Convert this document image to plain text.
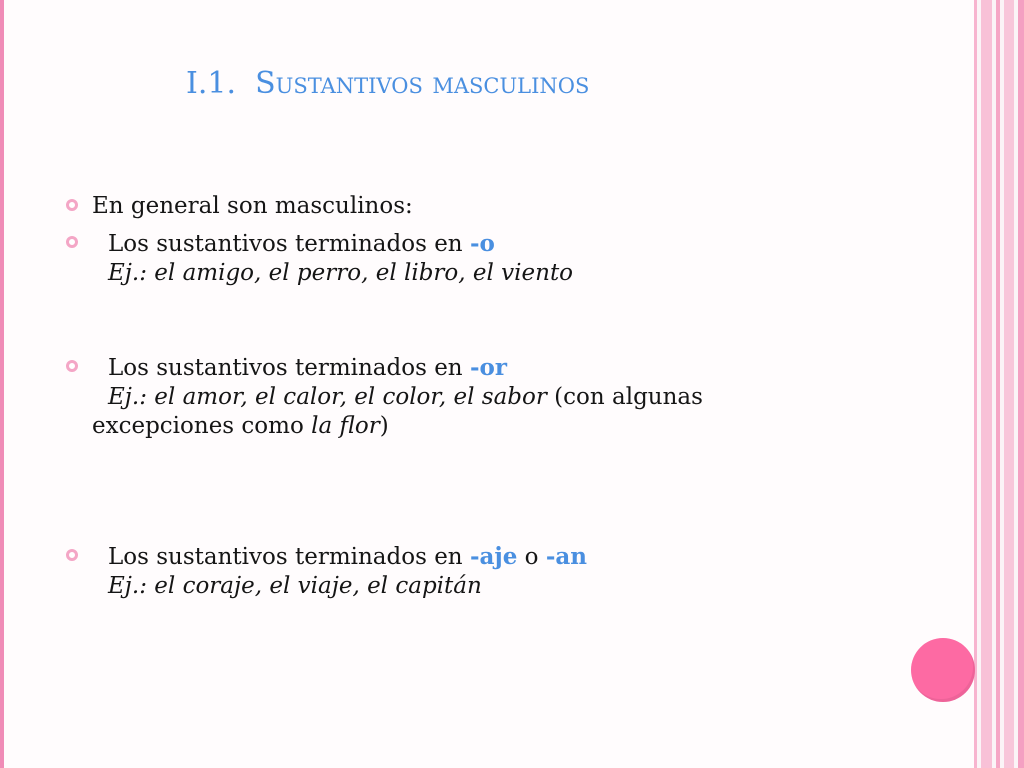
I.1. Sustantivos masculinos
En general son masculinos:
Los sustantivos terminados en -o
Ej.: el amigo, el perro, el libro, el viento
Los sustantivos terminados en -or
Ej.: el amor, el calor, el color, el sabor (con algunas
excepciones como la flor)
Los sustantivos terminados en -aje o -an
Ej.: el coraje, el viaje, el capitán
